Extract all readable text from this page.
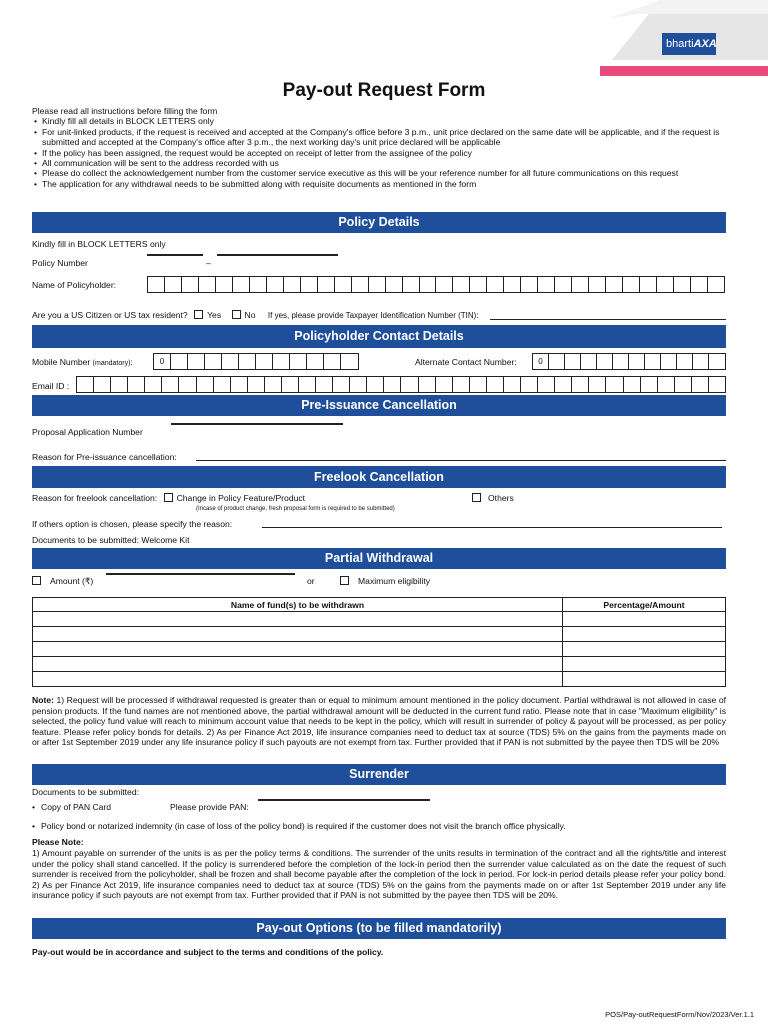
bhartiAXA
Pay-out Request Form
Please read all instructions before filling the form
• Kindly fill all details in BLOCK LETTERS only
• For unit-linked products, if the request is received and accepted at the Company's office before 3 p.m., unit price declared on the same date will be applicable, and if the request is submitted and accepted at the Company's office after 3 p.m., the next working day's unit price declared will be applicable
• If the policy has been assigned, the request would be accepted on receipt of letter from the assignee of the policy
• All communication will be sent to the address recorded with us
• Please do collect the acknowledgement number from the customer service executive as this will be your reference number for all future communications on this request
• The application for any withdrawal needs to be submitted along with requisite documents as mentioned in the form
Policy Details
Kindly fill in BLOCK LETTERS only
Policy Number	–
Name of Policyholder:
Are you a US Citizen or US tax resident? Yes	No If yes, please provide Taxpayer Identification Number (TIN):
Policyholder Contact Details
Mobile Number (mandatory):	0	Alternate Contact Number:	0
Email ID :
Pre-Issuance Cancellation
Proposal Application Number
Reason for Pre-issuance cancellation:
Freelook Cancellation
Reason for freelook cancellation: Change in Policy Feature/Product	Others
(Incase of product change, fresh proposal form is required to be submitted)
If others option is chosen, please specify the reason:
Documents to be submitted: Welcome Kit
Partial Withdrawal
Amount (₹)	or	Maximum eligibility
Name of fund(s) to be withdrawn	Percentage/Amount

Note: 1) Request will be processed if withdrawal requested is greater than or equal to minimum amount mentioned in the policy document. Partial withdrawal is not allowed in case of pension products. If the fund names are not mentioned above, the partial withdrawal amount will be deducted in the current fund ratio. Please note that in case "Maximum eligibility" is selected, the policy fund value will reach to minimum account value that needs to be kept in the policy, which will result in surrender of policy & payout will be processed, as per policy feature. Please refer policy bonds for details. 2) As per Finance Act 2019, life insurance companies need to deduct tax at source (TDS) 5% on the gains from the payments made on or after 1st September 2019 under any life insurance policy if such payouts are not exempt from tax. Further provided that if PAN is not submitted by the payee then TDS will be 20%
Surrender
Documents to be submitted:
• Copy of PAN Card	Please provide PAN:
• Policy bond or notarized indemnity (in case of loss of the policy bond) is required if the customer does not visit the branch office physically.
Please Note:
1) Amount payable on surrender of the units is as per the policy terms & conditions. The surrender of the units results in termination of the contract and all the rights/title and interest under the policy shall stand cancelled. If the policy is surrendered before the completion of the lock-in period then the surrender value calculated as on the date the request of such surrender is received from the policyholder, shall be frozen and shall become payable after the completion of the lock in period. For lock-in period details please refer your policy bond. 2) As per Finance Act 2019, life insurance companies need to deduct tax at source (TDS) 5% on the gains from the payments made on or after 1st September 2019 under any life insurance policy if such payouts are not exempt from tax. Further provided that if PAN is not submitted by the payee then TDS will be 20%.
Pay-out Options (to be filled mandatorily)
Pay-out would be in accordance and subject to the terms and conditions of the policy.
POS/Pay-outRequestForm/Nov/2023/Ver.1.1
